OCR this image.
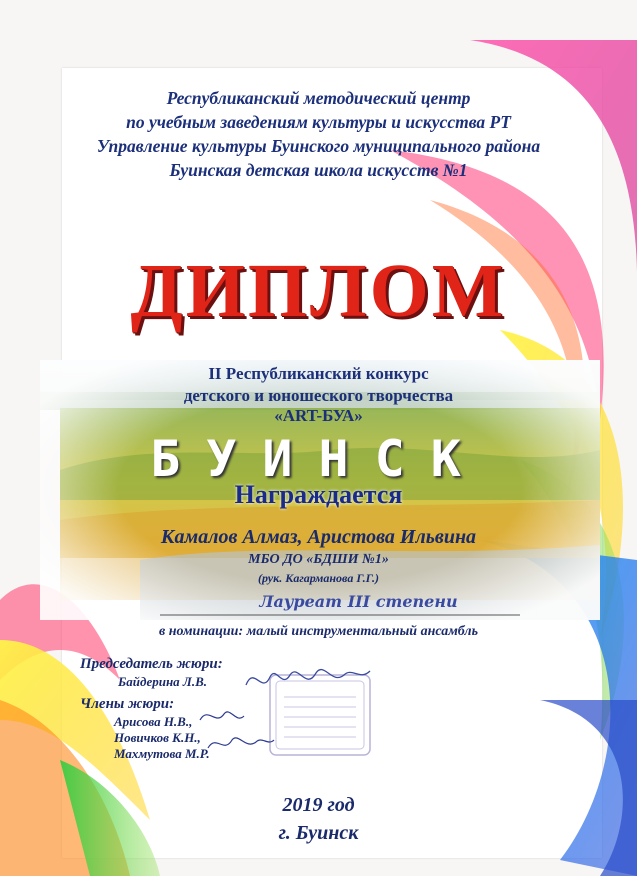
Республиканский методический центр
по учебным заведениям культуры и искусства РТ
Управление культуры Буинского муниципального района
Буинская детская школа искусств №1
ДИПЛОМ
II Республиканский конкурс
детского и юношеского творчества
«ART-БУА»
БУИНСК
Награждается
Камалов Алмаз, Аристова Ильвина
МБО ДО «БДШИ №1»
(рук. Кагарманова Г.Г.)
Лауреат III степени
в номинации: малый инструментальный ансамбль
Председатель жюри:
Байдерина Л.В.
Члены жюри:
Арисова Н.В.,
Новичков К.Н.,
Махмутова М.Р.
2019 год
г. Буинск
